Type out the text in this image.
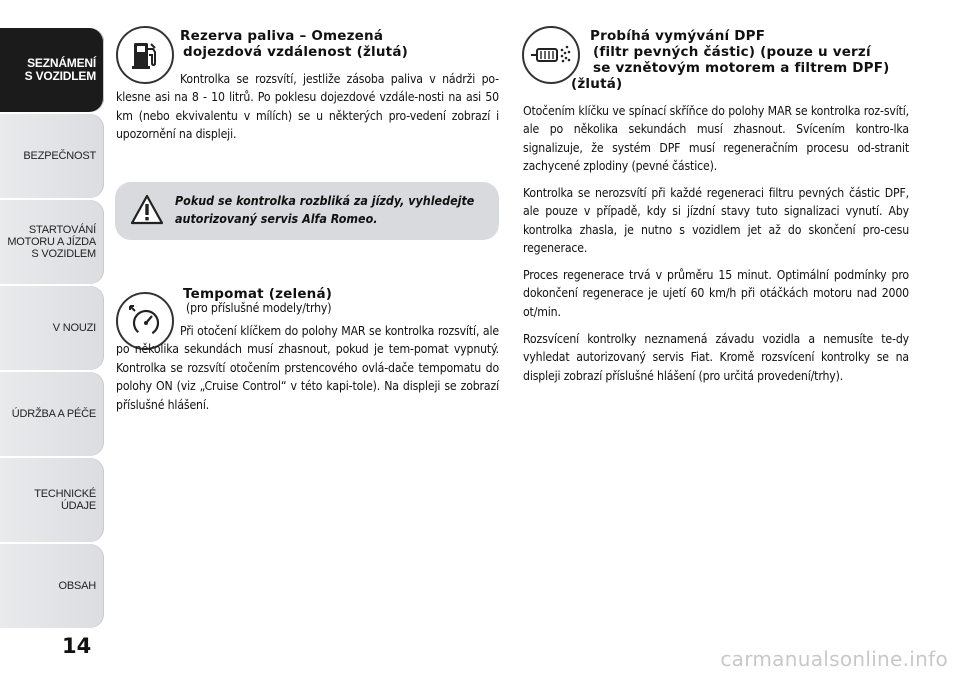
SEZNÁMENÍ
S VOZIDLEM
BEZPEČNOST
STARTOVÁNÍ
MOTORU A JÍZDA
S VOZIDLEM
V NOUZI
ÚDRŽBA A PÉČE
TECHNICKÉ
ÚDAJE
OBSAH
14
Rezerva paliva – Omezená
dojezdová vzdálenost (žlutá)

Kontrolka se rozsvítí, jestliže zásoba paliva v nádrži po-klesne asi na 8 - 10 litrů. Po poklesu dojezdové vzdále-nosti na asi 50 km (nebo ekvivalentu v mílích) se u některých pro-vedení zobrazí i upozornění na displeji.

Pokud se kontrolka rozbliká za jízdy, vyhledejte autorizovaný servis Alfa Romeo.
Tempomat (zelená)
(pro příslušné modely/trhy)

Při otočení klíčkem do polohy MAR se kontrolka rozsvítí, ale po několika sekundách musí zhasnout, pokud je tem-pomat vypnutý. Kontrolka se rozsvítí otočením prstencového ovlá-dače tempomatu do polohy ON (viz „Cruise Control“ v této kapi-tole). Na displeji se zobrazí příslušné hlášení.

Probíhá vymývání DPF
(filtr pevných částic) (pouze u verzí
se vznětovým motorem a filtrem DPF)
(žlutá)

Otočením klíčku ve spínací skříňce do polohy MAR se kontrolka roz-svítí, ale po několika sekundách musí zhasnout. Svícením kontro-lka signalizuje, že systém DPF musí regeneračním procesu od-stranit zachycené zplodiny (pevné částice).

Kontrolka se nerozsvítí při každé regeneraci filtru pevných částic DPF, ale pouze v případě, kdy si jízdní stavy tuto signalizaci vynutí. Aby kontrolka zhasla, je nutno s vozidlem jet až do skončení pro-cesu regenerace.

Proces regenerace trvá v průměru 15 minut. Optimální podmínky pro dokončení regenerace je ujetí 60 km/h při otáčkách motoru nad 2000 ot/min.

Rozsvícení kontrolky neznamená závadu vozidla a nemusíte te-dy vyhledat autorizovaný servis Fiat. Kromě rozsvícení kontrolky se na displeji zobrazí příslušné hlášení (pro určitá provedení/trhy).

carmanualsonline.info
